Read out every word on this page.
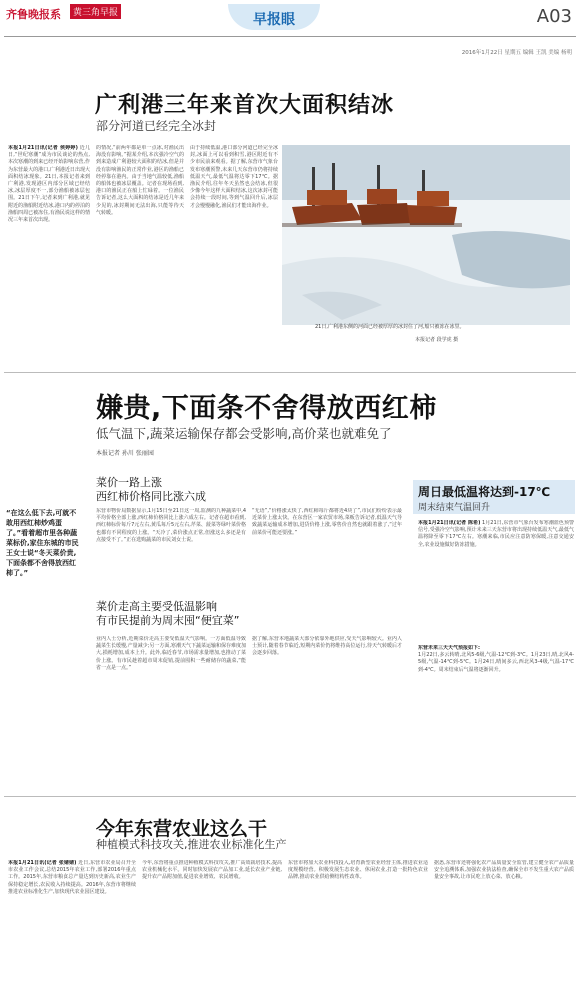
齐鲁晚报系	黄三角早报	早报眼	A03
2016年1月22日 星期五 编辑 王凯 美编 杨明
广利港三年来首次大面积结冰
部分河道已经完全冰封
本报1月21日讯(记者 侯婷婷) 近几日,“世纪寒潮”成为市民谈论的热点,本次寒潮的到来已经开始影响东营,作为东营最大的港口,广利港近日出现大面积结冰现象。21日,本报记者来到广利港,发现港区内部分区域已经结冰,冰层厚度不一,部分渔船被冰层包围。21日下午,记者来到广利港,就见附近的渔船附近结冰,港口内的停泊的渔船四周已被冻住,有渔民说这样的情况三年来首次出现。
的情况,“前两年都是单一点冰,对渔民出海没有影响。”据某介绍,本次强冷空气的到来造成广利港较大面积的结冰,但是并没有影响渔民的正常作业,港区的渔船已经停靠在港内。由于当地气温较低,渔船的船体也被冰层覆盖。记者在现场看到,港口的渔民正在船上忙碌着。一位渔民告诉记者,这么大面积的结冰是近几年来少见的,冰封期间无法出海,只能等待天气转暖。
由于持续低温,港口部分河道已经完全冰封,冰面上可以看到积雪,港区附近有不少市民前来观看。据了解,东营市气象台发布寒潮预警,未来几天东营市仍将持续低温天气,最低气温将达零下17℃。据渔民介绍,往年冬天虽然也会结冰,但很少像今年这样大面积结冰,这次冰封可能会持续一段时间,等到气温回升后,冰层才会慢慢融化,渔民们才能出海作业。
21日,广利港东侧的河面已经被厚厚的冰封住了河,船只被冻在冰里。
本报记者 段学虎 摄
嫌贵,下面条不舍得放西红柿
低气温下,蔬菜运输保存都会受影响,高价菜也就难免了
本报记者 孙川 张丽园
“在这么低下去,可就不敢用西红柿炒鸡蛋了。”看着超市里各种蔬菜标价,家住东城的市民王女士说“冬天菜价贵,下面条都不舍得放西红柿了。”
菜价一路上涨
西红柿价格同比涨六成
东营市物价局数据显示,1月15日至21日这一周,监测的九种蔬菜中,4平均价格全部上涨,西红柿价格同比上涨六成左右。记者在超市看到,西红柿标价每斤7元左右,黄瓜每斤5元左右,芹菜、菠菜等绿叶菜价格也都有不同程度的上涨。“天冷了,菜价涨点正常,但涨这么多还是有点接受不了。”正在选购蔬菜的市民刘女士说。
“无语”,“价格涨太快了,西红柿每斤都将近4块了”,市民们纷纷表示最近菜价上涨太快。在东营区一家农贸市场,菜贩告诉记者,低温天气导致蔬菜运输成本增加,进货价格上涨,零售价自然也就跟着涨了,“过年前菜价可能还要涨。”
菜价走高主要受低温影响
有市民提前为周末囤“便宜菜”
业内人士分析,近期菜价走高主要受低温天气影响。一方面低温导致蔬菜生长缓慢,产量减少;另一方面,寒潮天气下蔬菜运输和保存难度加大,损耗增加,成本上升。此外,临近春节,市场需求量增加,也推动了菜价上涨。有市民趁着超市周末促销,提前囤积一些耐储存的蔬菜,“能省一点是一点。”
据了解,东营本地蔬菜大部分依靠外地供应,受天气影响较大。业内人士预计,随着春节临近,短期内菜价仍将维持高位运行,待天气转暖后才会逐步回落。
周日最低温将达到-17℃
周末结束气温回升
本报1月21日讯(记者 陈希) 1月21日,东营市气象台发布寒潮蓝色预警信号,受强冷空气影响,预计未来三天东营市将出现持续低温天气,最低气温将降至零下17℃左右。寒潮来临,市民应注意防寒保暖,注意交通安全,农业设施做好防冻措施。
东营未来三天天气预报如下:
1月22日,多云转晴,北风5-6级,气温-12℃到-3℃。1月23日,晴,北风4-5级,气温-14℃到-5℃。1月24日,晴间多云,西北风3-4级,气温-17℃到-4℃。周末结束后气温将逐渐回升。
今年东营农业这么干
种植模式科技攻关,推进农业标准化生产
本报1月21日讯(记者 张婧婧) 近日,东营市农业局召开全市农业工作会议,总结2015年农业工作,部署2016年重点工作。2015年,东营市粮食总产量达到历史新高,农业生产保持稳定增长,农民收入持续提高。2016年,东营市将继续推进农业标准化生产,加快现代农业园区建设。
今年,东营将重点推进种植模式科技攻关,推广高效栽培技术,提高农业机械化水平。同时加快发展农产品加工业,延长农业产业链,提升农产品附加值,促进农业增效、农民增收。
东营市将加大农业科技投入,培育新型农业经营主体,推进农业适度规模经营。积极发展生态农业、休闲农业,打造一批特色农业品牌,推动农业供给侧结构性改革。
据悉,东营市还将强化农产品质量安全监管,建立健全农产品质量安全追溯体系,加强农业执法检查,确保全市不发生重大农产品质量安全事故,让市民吃上放心菜、放心粮。
